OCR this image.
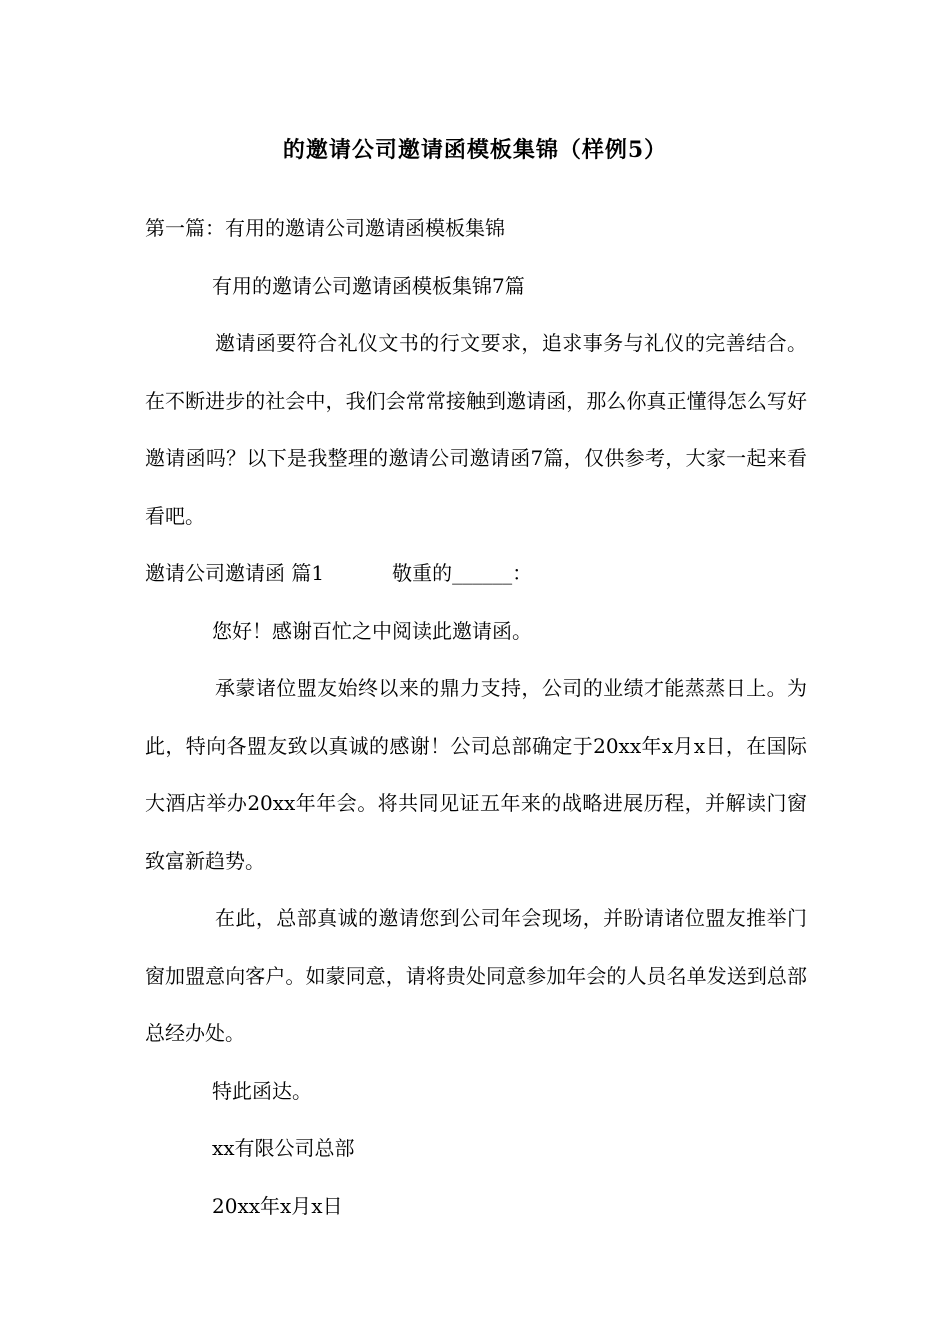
的邀请公司邀请函模板集锦（样例5）

第一篇：有用的邀请公司邀请函模板集锦

有用的邀请公司邀请函模板集锦7篇

邀请函要符合礼仪文书的行文要求，追求事务与礼仪的完善结合。在不断进步的社会中，我们会常常接触到邀请函，那么你真正懂得怎么写好邀请函吗？以下是我整理的邀请公司邀请函7篇，仅供参考，大家一起来看看吧。

邀请公司邀请函 篇1	敬重的______：

您好！感谢百忙之中阅读此邀请函。

承蒙诸位盟友始终以来的鼎力支持，公司的业绩才能蒸蒸日上。为此，特向各盟友致以真诚的感谢！公司总部确定于20xx年x月x日，在国际大酒店举办20xx年年会。将共同见证五年来的战略进展历程，并解读门窗致富新趋势。

在此，总部真诚的邀请您到公司年会现场，并盼请诸位盟友推举门窗加盟意向客户。如蒙同意，请将贵处同意参加年会的人员名单发送到总部总经办处。

特此函达。

xx有限公司总部

20xx年x月x日
